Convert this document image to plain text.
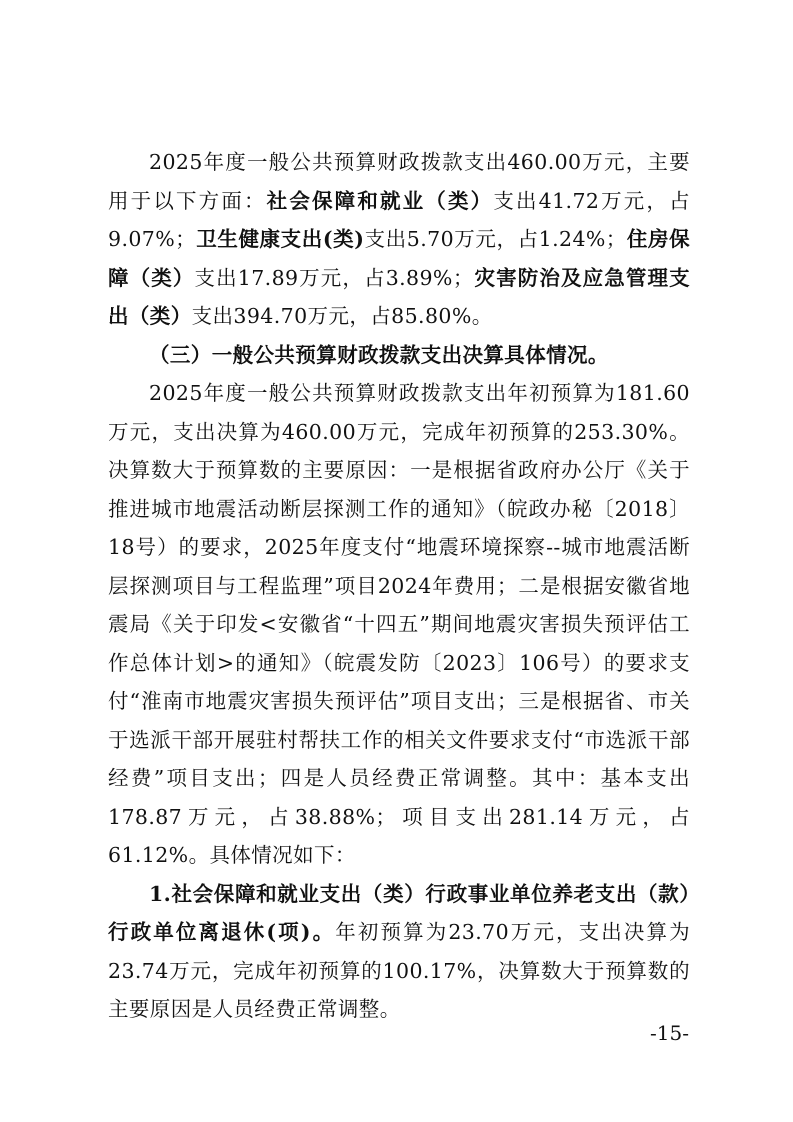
2025年度一般公共预算财政拨款支出460.00万元，主要用于以下方面：社会保障和就业（类）支出41.72万元，占 9.07%；卫生健康支出(类)支出5.70万元，占1.24%；住房保障（类）支出17.89万元，占3.89%；灾害防治及应急管理支出（类）支出394.70万元，占85.80%。

（三）一般公共预算财政拨款支出决算具体情况。

2025年度一般公共预算财政拨款支出年初预算为181.60万元，支出决算为460.00万元，完成年初预算的253.30%。决算数大于预算数的主要原因：一是根据省政府办公厅《关于推进城市地震活动断层探测工作的通知》（皖政办秘〔2018〕18号）的要求，2025年度支付“地震环境探察--城市地震活断层探测项目与工程监理”项目2024年费用；二是根据安徽省地震局《关于印发<安徽省“十四五”期间地震灾害损失预评估工作总体计划>的通知》（皖震发防〔2023〕106号）的要求支付“淮南市地震灾害损失预评估”项目支出；三是根据省、市关于选派干部开展驻村帮扶工作的相关文件要求支付“市选派干部经费”项目支出；四是人员经费正常调整。其中：基本支出178.87万元，占38.88%；项目支出281.14万元，占61.12%。具体情况如下：

1.社会保障和就业支出（类）行政事业单位养老支出（款）行政单位离退休(项)。年初预算为23.70万元，支出决算为23.74万元，完成年初预算的100.17%，决算数大于预算数的主要原因是人员经费正常调整。

-15-
